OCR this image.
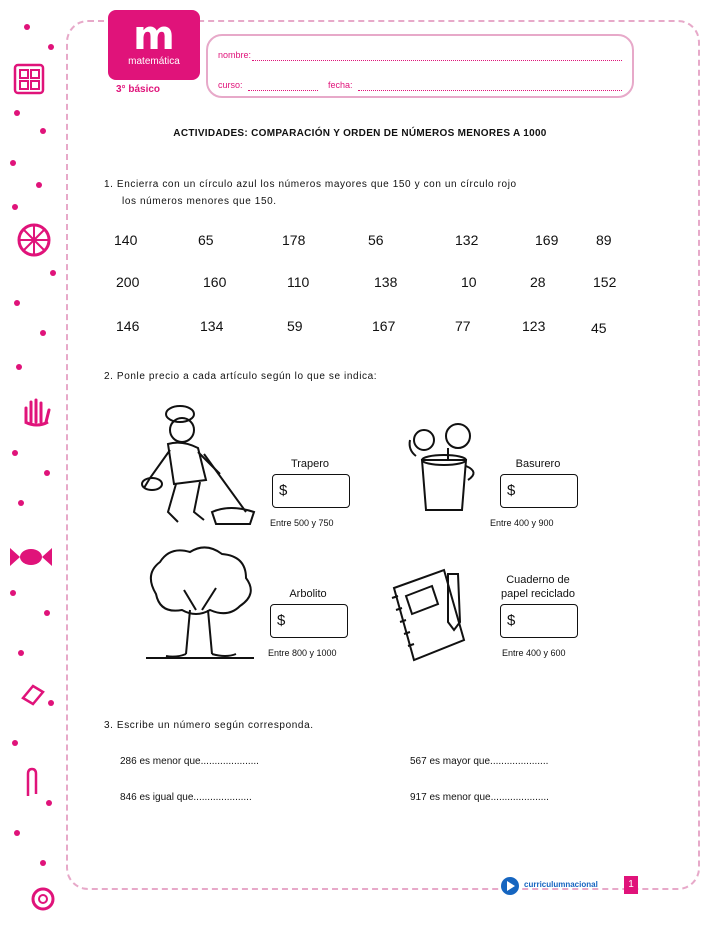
m
matemática
3° básico
nombre:
curso:	fecha:
ACTIVIDADES: COMPARACIÓN Y ORDEN DE NÚMEROS MENORES A 1000
1. Encierra con un círculo azul los números mayores que 150 y con un círculo rojo
los números menores que 150.
140	65	178	56	132	169	89
200	160	110	138	10	28	152
146	134	59	167	77	123	45
2. Ponle precio a cada artículo según lo que se indica:
Trapero
$
Entre 500 y 750
Basurero
$
Entre 400 y 900
Arbolito
$
Entre 800 y 1000
Cuaderno de
papel reciclado
$
Entre 400 y 600
3. Escribe un número según corresponda.
286 es menor que.....................	567 es mayor que.....................
846 es igual que.....................	917 es menor que.....................
curriculumnacional	1
